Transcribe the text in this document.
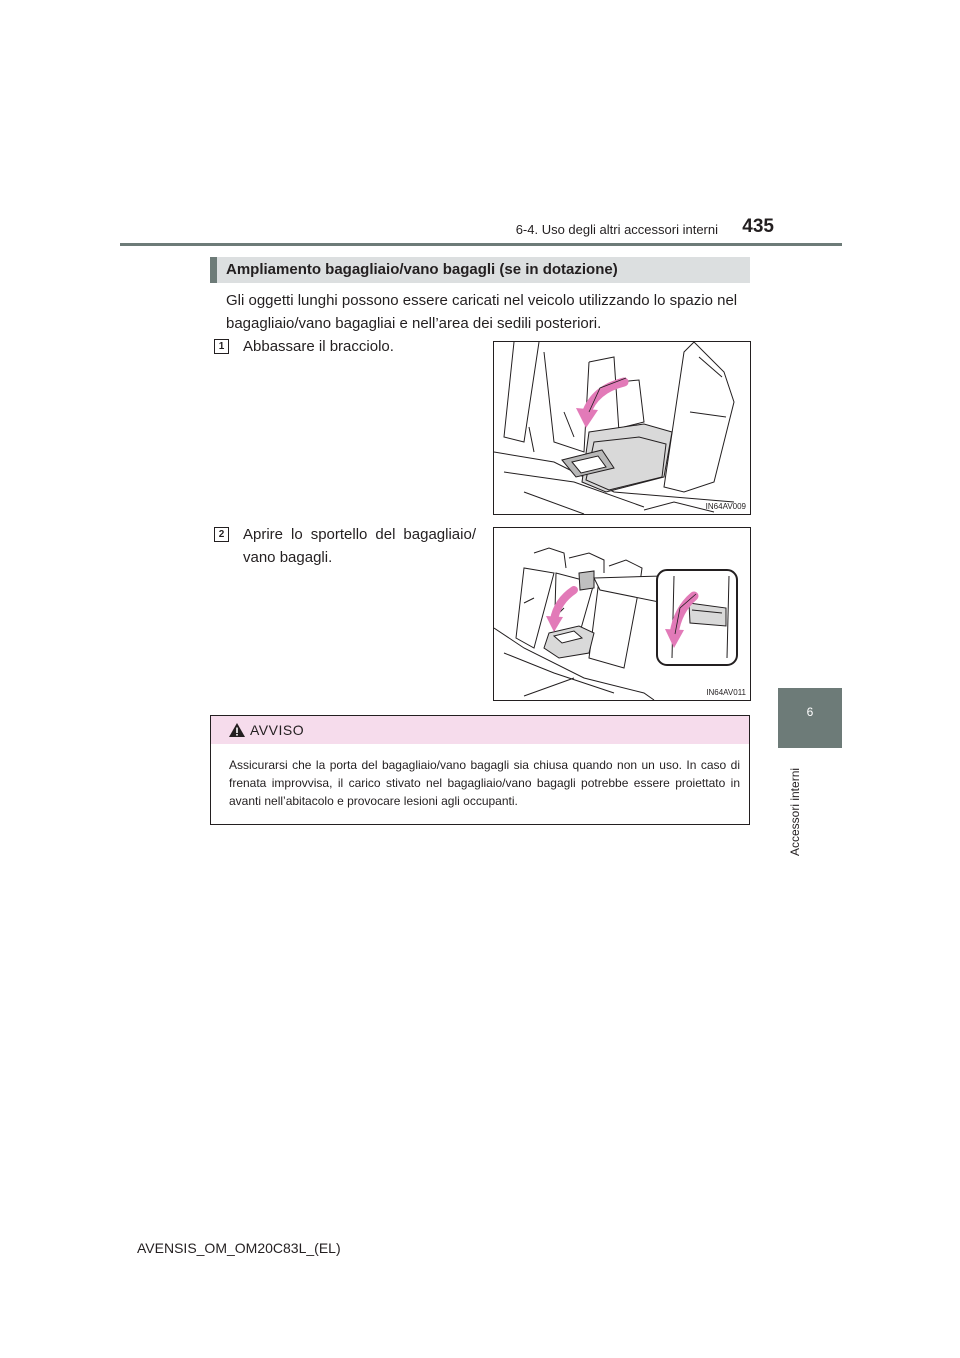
6-4. Uso degli altri accessori interni	435
6
Accessori interni
Ampliamento bagagliaio/vano bagagli (se in dotazione)
Gli oggetti lunghi possono essere caricati nel veicolo utilizzando lo spazio nel bagagliaio/vano bagagliai e nell’area dei sedili posteriori.
1	Abbassare il bracciolo.
IN64AV009
2	Aprire lo sportello del bagagliaio/ vano bagagli.
IN64AV011
AVVISO
Assicurarsi che la porta del bagagliaio/vano bagagli sia chiusa quando non un uso. In caso di frenata improvvisa, il carico stivato nel bagagliaio/vano bagagli potrebbe essere proiettato in avanti nell’abitacolo e provocare lesioni agli occupanti.
AVENSIS_OM_OM20C83L_(EL)
